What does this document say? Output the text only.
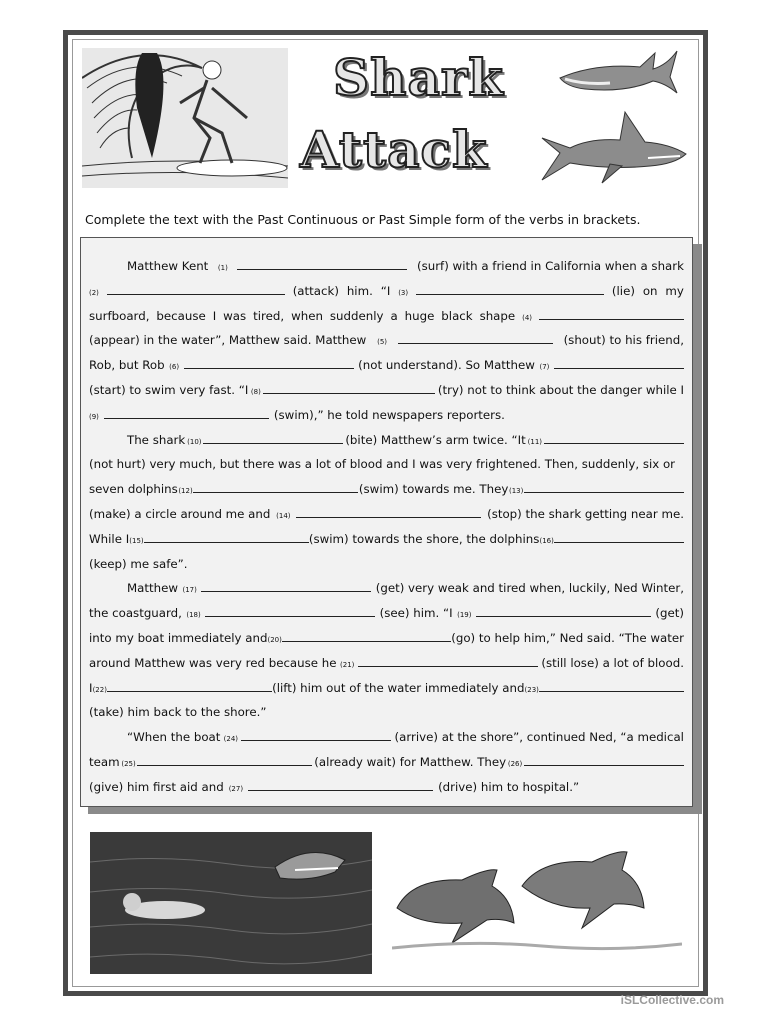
Shark
Attack
Complete the text with the Past Continuous or Past Simple form of the verbs in brackets.
Matthew Kent (1)	(surf) with a friend in California when a shark
(2)	(attack) him. “I (3)	(lie) on my
surfboard, because I was tired, when suddenly a huge black shape (4)
(appear) in the water”, Matthew said. Matthew (5)	(shout) to his friend,
Rob, but Rob (6)	(not understand). So Matthew (7)
(start) to swim very fast. “I (8)	(try) not to think about the danger while I
(9)	(swim),” he told newspapers reporters.
The shark (10)	(bite) Matthew’s arm twice. “It (11)
(not hurt) very much, but there was a lot of blood and I was very frightened. Then, suddenly, six or
seven dolphins (12)	(swim) towards me. They (13)
(make) a circle around me and (14)	(stop) the shark getting near me.
While I (15)	(swim) towards the shore, the dolphins (16)
(keep) me safe”.
Matthew (17)	(get) very weak and tired when, luckily, Ned Winter,
the coastguard, (18)	(see) him. “I (19)	(get)
into my boat immediately and (20)	(go) to help him,” Ned said. “The water
around Matthew was very red because he (21)	(still lose) a lot of blood.
I (22)	(lift) him out of the water immediately and (23)
(take) him back to the shore.”
“When the boat (24)	(arrive) at the shore”, continued Ned, “a medical
team (25)	(already wait) for Matthew. They (26)
(give) him first aid and (27)	(drive) him to hospital.”
iSLCollective.com
